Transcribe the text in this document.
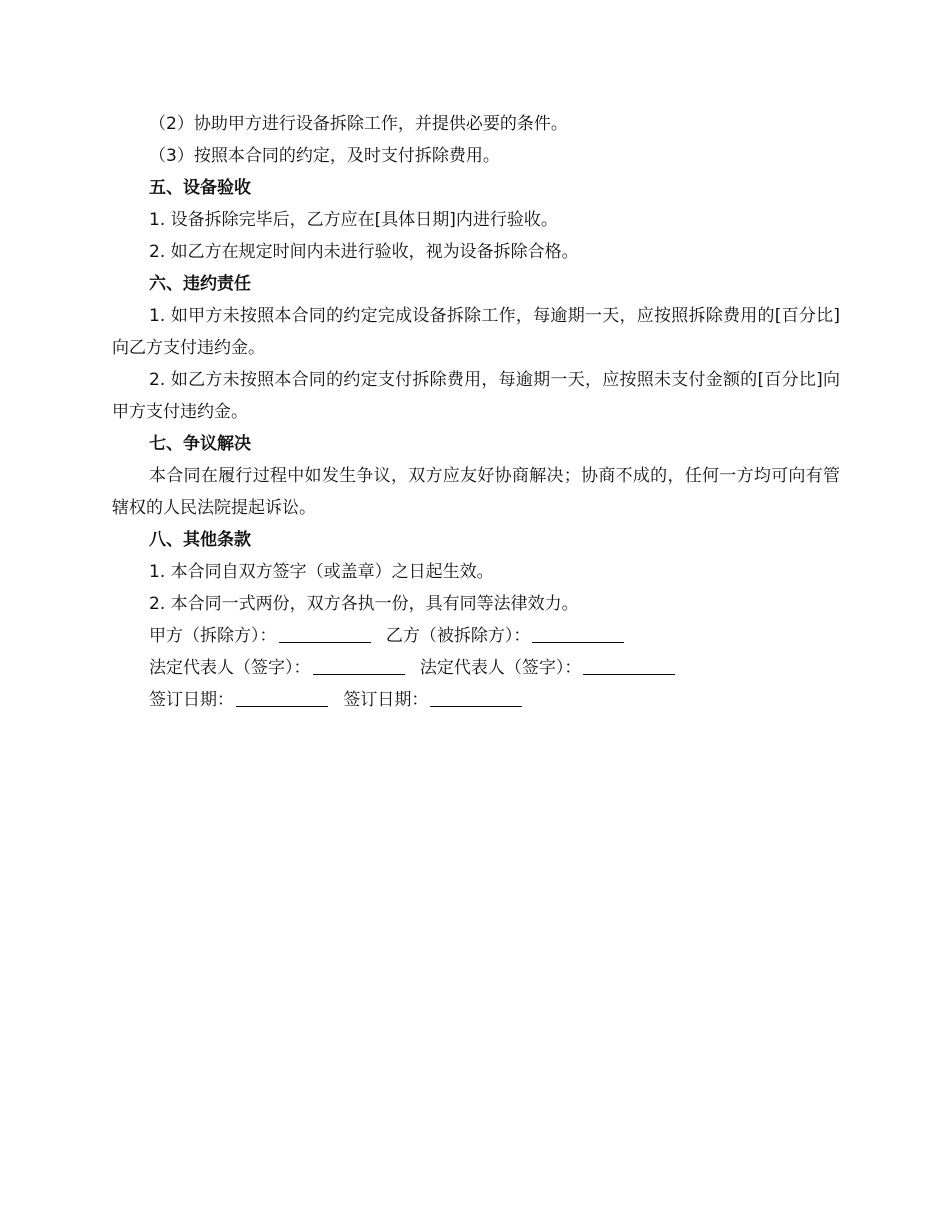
（2）协助甲方进行设备拆除工作，并提供必要的条件。
（3）按照本合同的约定，及时支付拆除费用。
五、设备验收
1. 设备拆除完毕后，乙方应在[具体日期]内进行验收。
2. 如乙方在规定时间内未进行验收，视为设备拆除合格。
六、违约责任

1. 如甲方未按照本合同的约定完成设备拆除工作，每逾期一天，应按照拆除费用的[百分比]向乙方支付违约金。

2. 如乙方未按照本合同的约定支付拆除费用，每逾期一天，应按照未支付金额的[百分比]向甲方支付违约金。

七、争议解决

本合同在履行过程中如发生争议，双方应友好协商解决；协商不成的，任何一方均可向有管辖权的人民法院提起诉讼。

八、其他条款
1. 本合同自双方签字（或盖章）之日起生效。
2. 本合同一式两份，双方各执一份，具有同等法律效力。
甲方（拆除方）：	乙方（被拆除方）：
法定代表人（签字）：	法定代表人（签字）：
签订日期：	签订日期：
